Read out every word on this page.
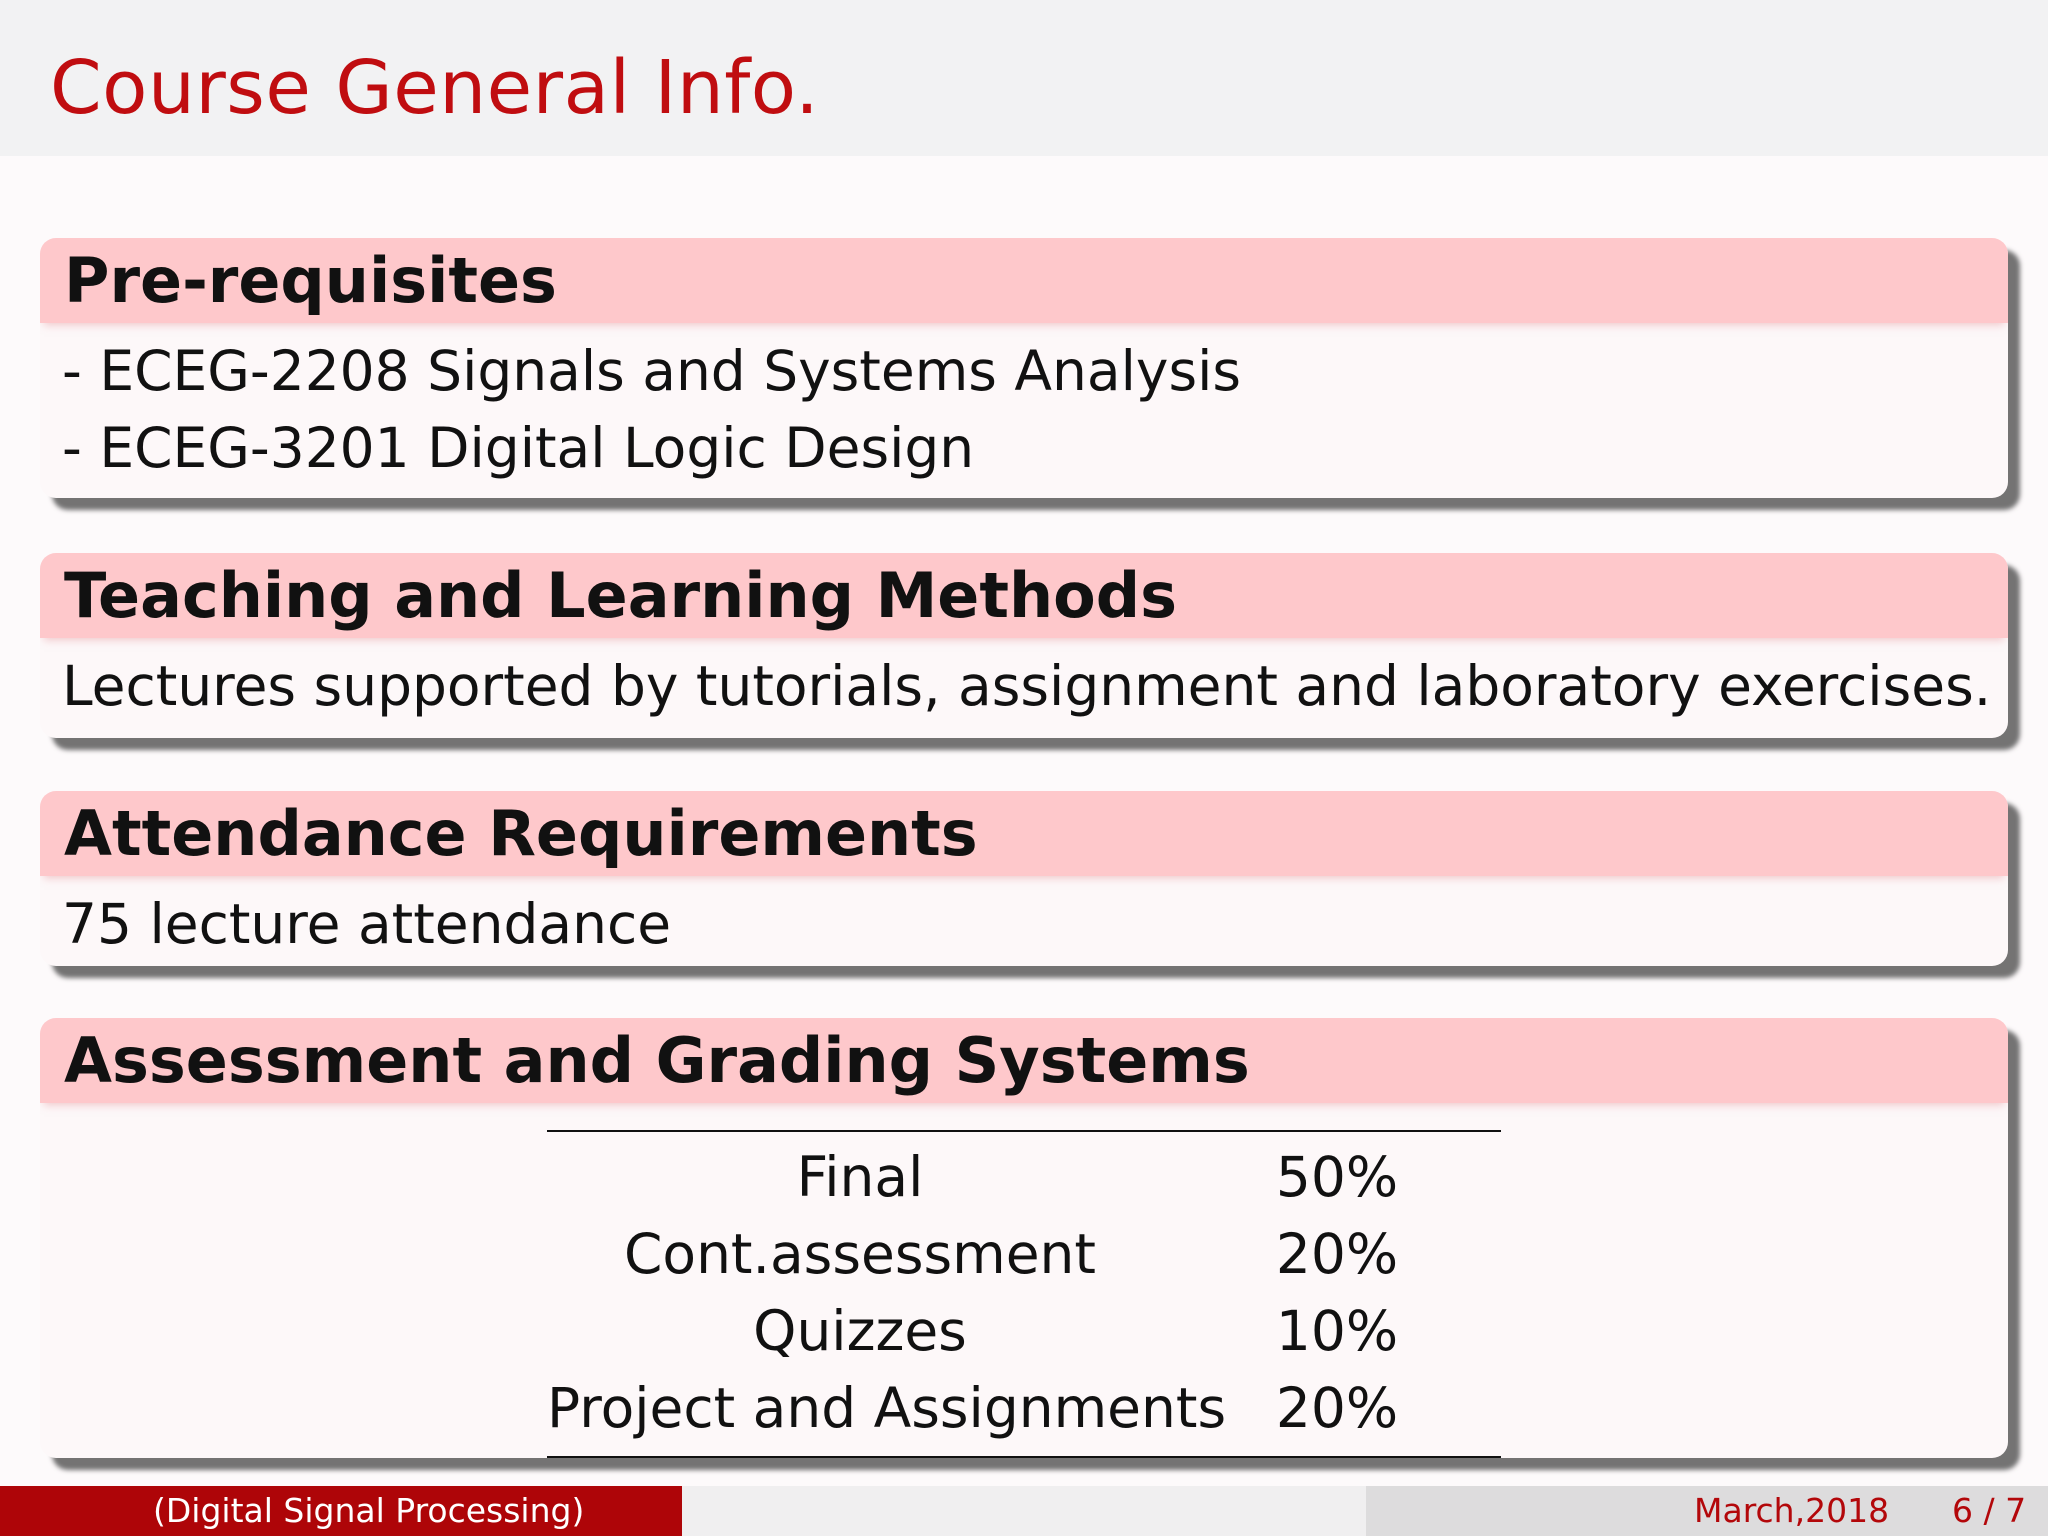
Course General Info.
Pre-requisites
- ECEG-2208 Signals and Systems Analysis
- ECEG-3201 Digital Logic Design
Teaching and Learning Methods
Lectures supported by tutorials, assignment and laboratory exercises.
Attendance Requirements
75 lecture attendance
Assessment and Grading Systems
Final	50%
Cont.assessment	20%
Quizzes	10%
Project and Assignments 20%
(Digital Signal Processing)	March,2018 6 / 7
